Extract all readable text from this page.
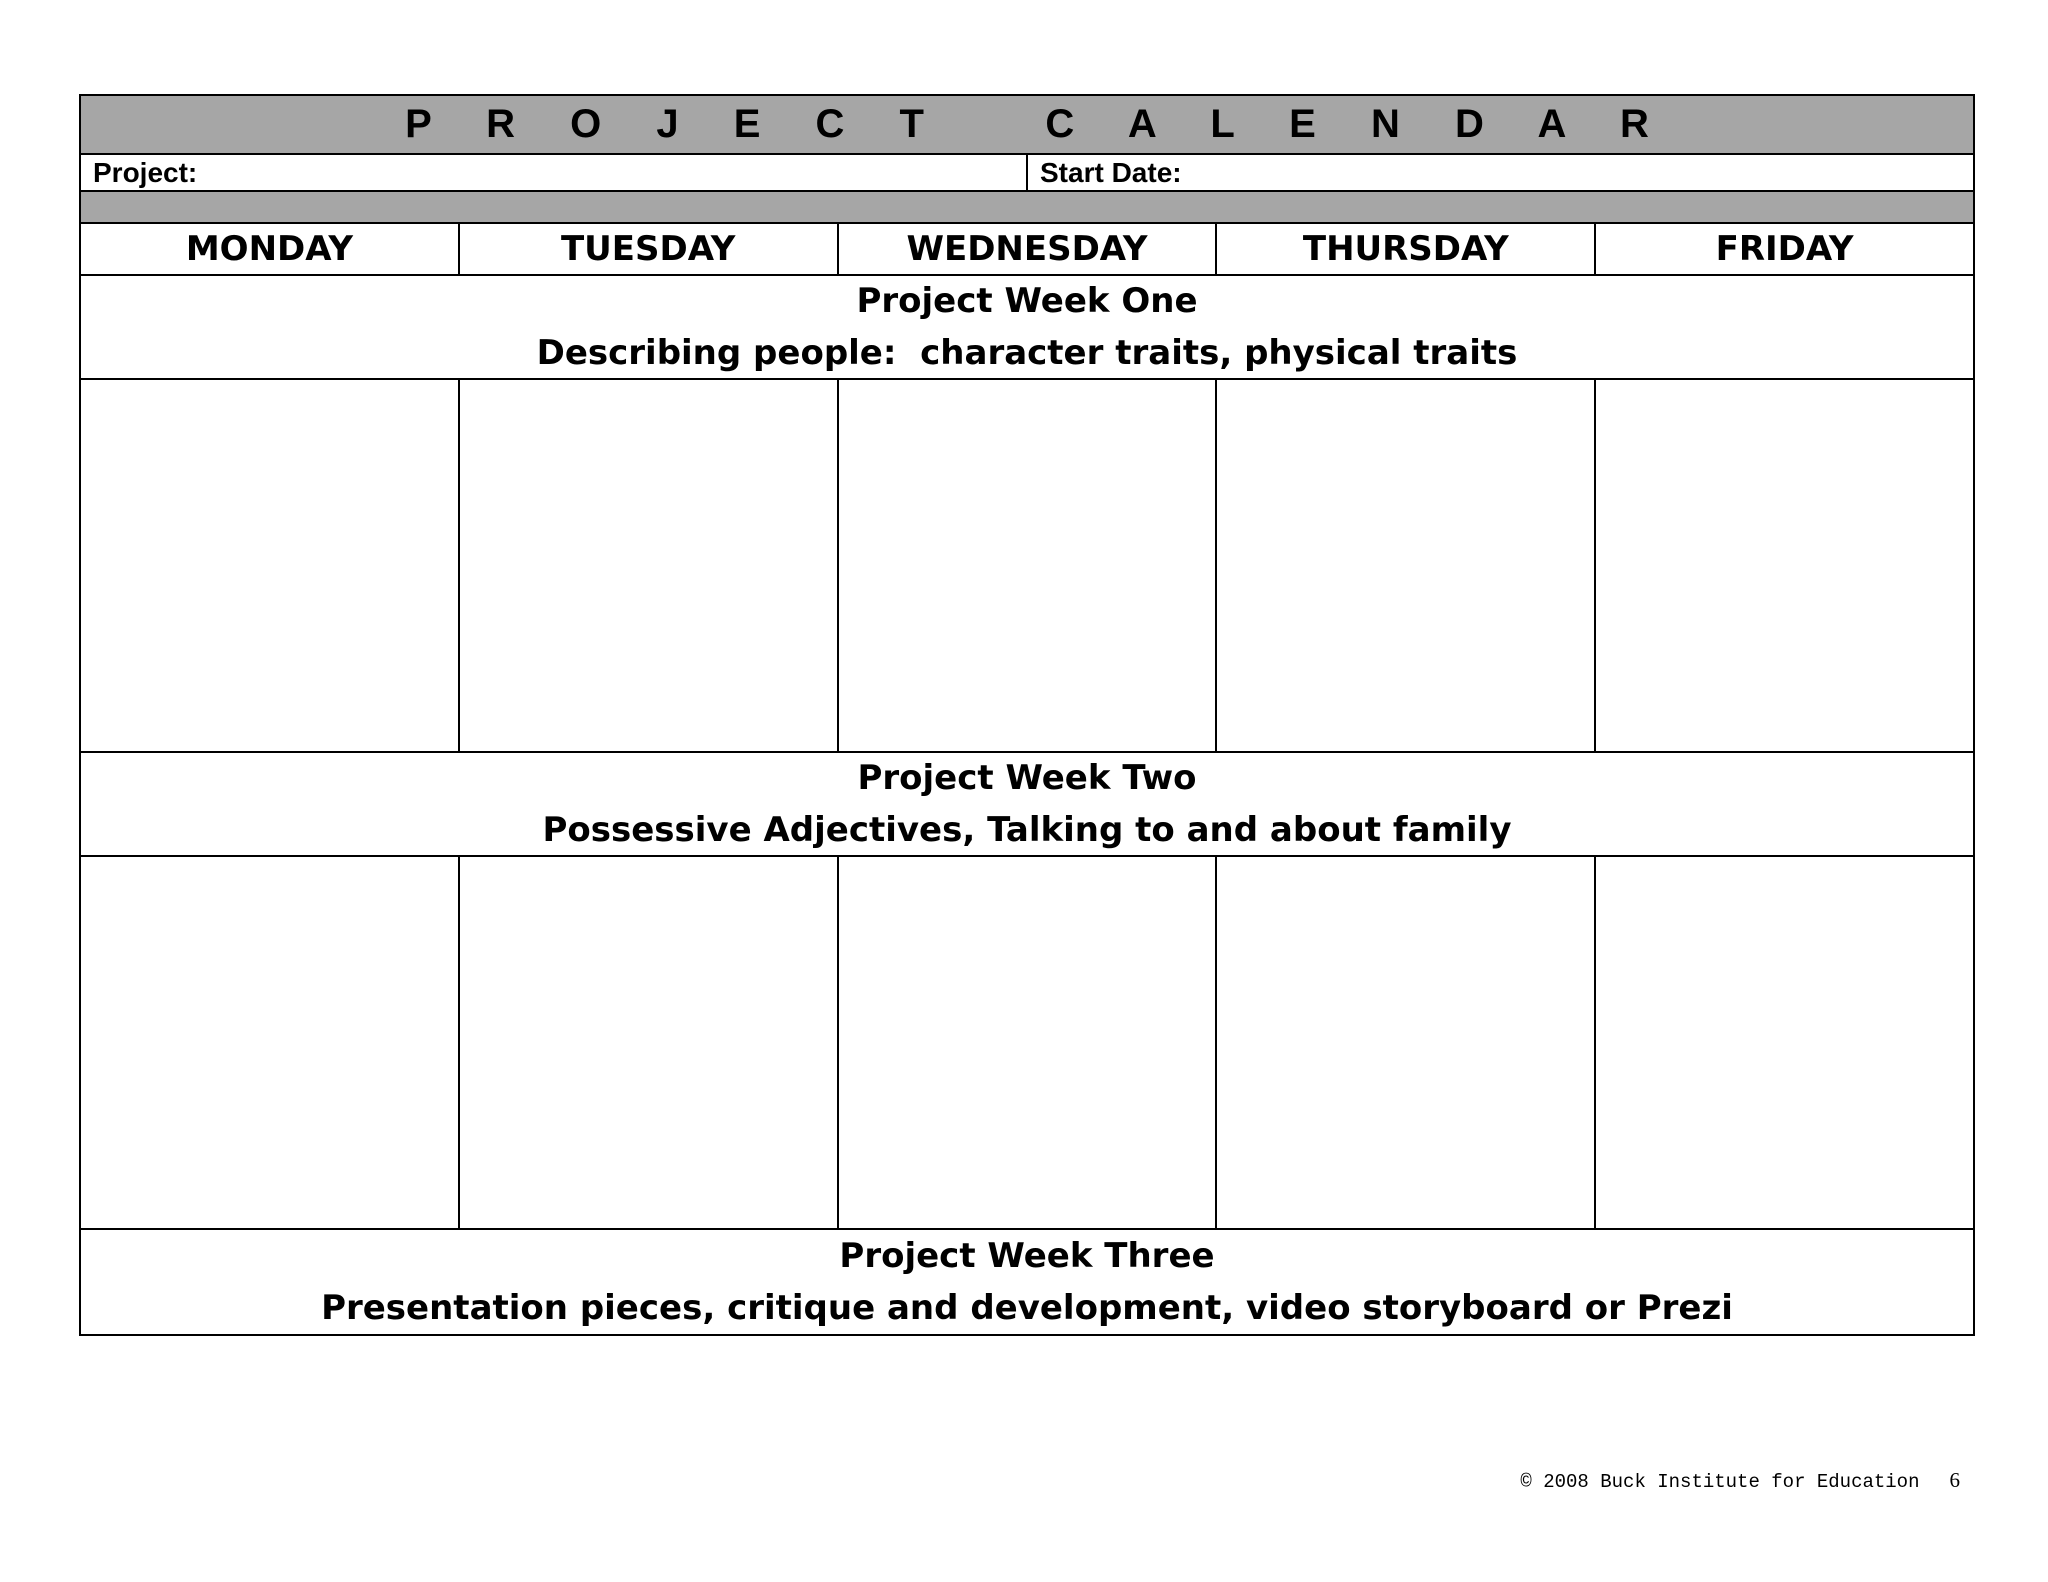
P R O J E C T   C A L E N D A R
Project:	Start Date:
MONDAY	TUESDAY	WEDNESDAY	THURSDAY	FRIDAY
Project Week One
Describing people:  character traits, physical traits
Project Week Two
Possessive Adjectives, Talking to and about family
Project Week Three
Presentation pieces, critique and development, video storyboard or Prezi
© 2008 Buck Institute for Education 6
